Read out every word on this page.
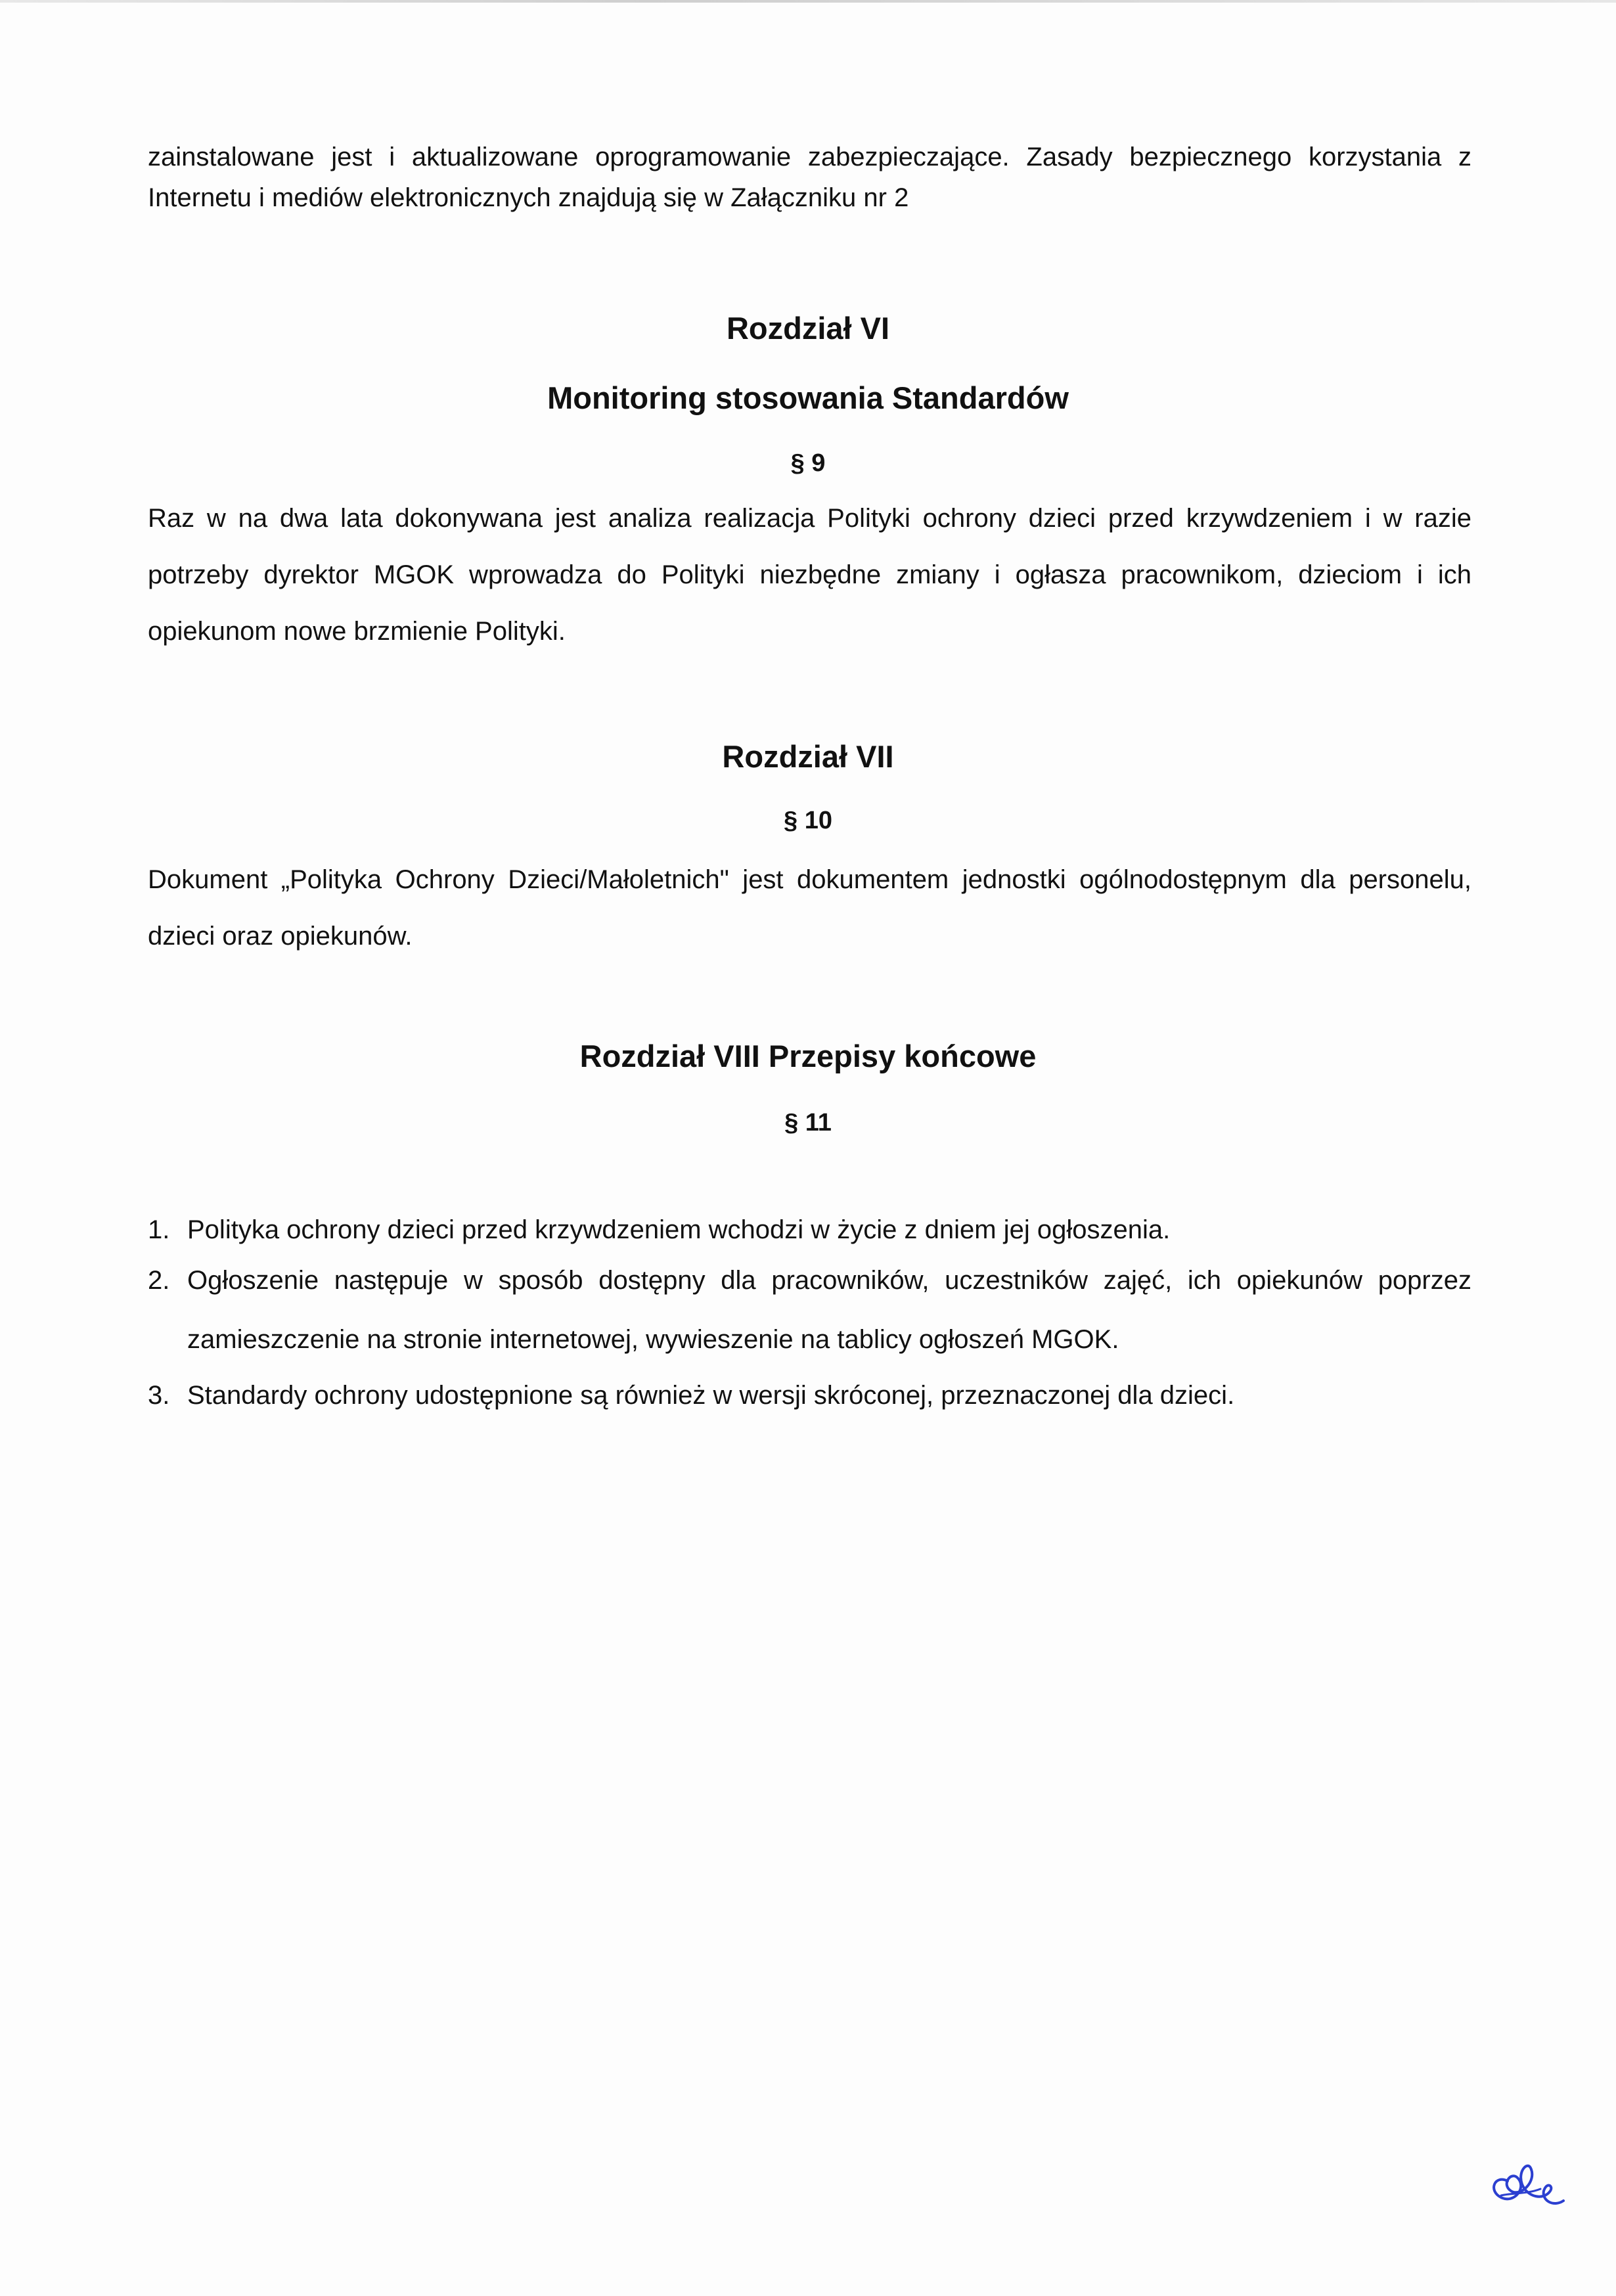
zainstalowane jest i aktualizowane oprogramowanie zabezpieczające. Zasady bezpiecznego korzystania z Internetu i mediów elektronicznych znajdują się w Załączniku nr 2

Rozdział VI
Monitoring stosowania Standardów
§ 9

Raz w na dwa lata dokonywana jest analiza realizacja Polityki ochrony dzieci przed krzywdzeniem i w razie potrzeby dyrektor MGOK wprowadza do Polityki niezbędne zmiany i ogłasza pracownikom, dzieciom i ich opiekunom nowe brzmienie Polityki.

Rozdział VII
§ 10

Dokument „Polityka Ochrony Dzieci/Małoletnich" jest dokumentem jednostki ogólnodostępnym dla personelu, dzieci oraz opiekunów.

Rozdział VIII Przepisy końcowe
§ 11
1. Polityka ochrony dzieci przed krzywdzeniem wchodzi w życie z dniem jej ogłoszenia.
2. Ogłoszenie następuje w sposób dostępny dla pracowników, uczestników zajęć, ich opiekunów poprzez zamieszczenie na stronie internetowej, wywieszenie na tablicy ogłoszeń MGOK.
3. Standardy ochrony udostępnione są również w wersji skróconej, przeznaczonej dla dzieci.
